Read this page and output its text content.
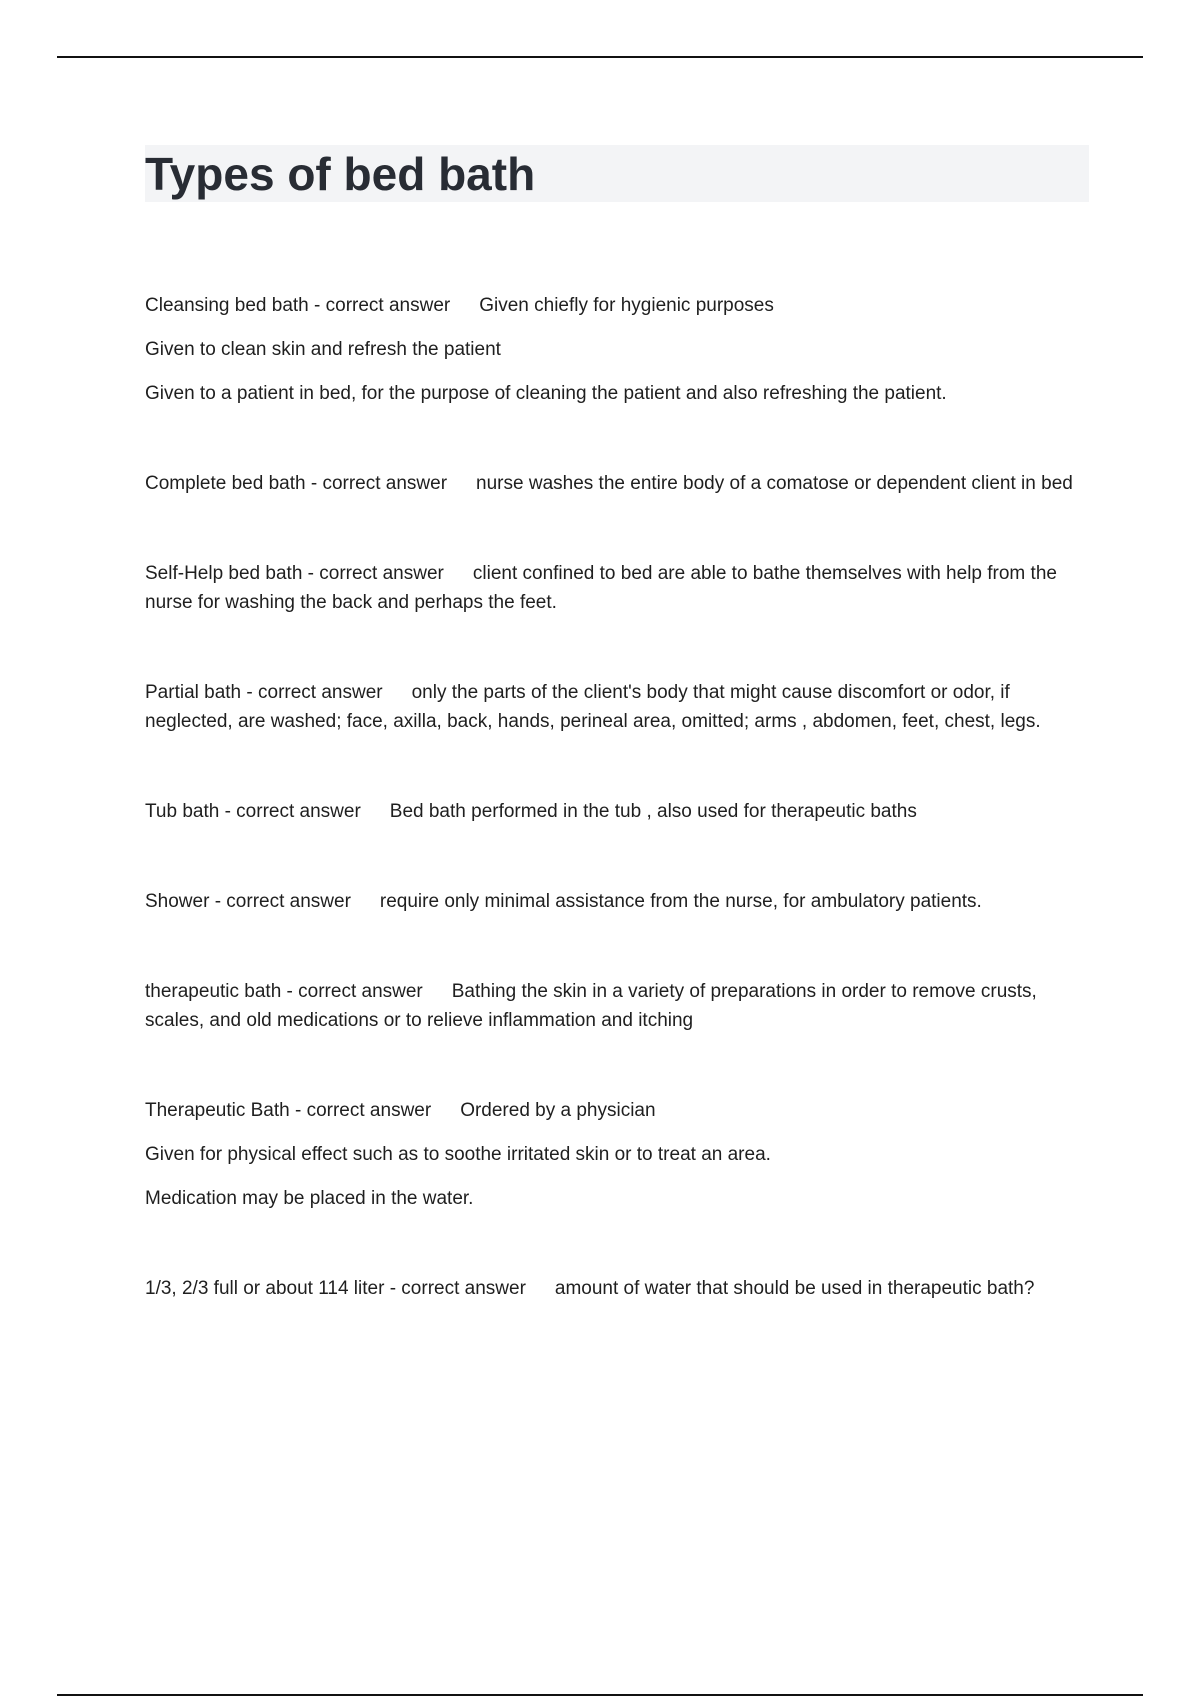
Types of bed bath

Cleansing bed bath - correct answer Given chiefly for hygienic purposes

Given to clean skin and refresh the patient

Given to a patient in bed, for the purpose of cleaning the patient and also refreshing the patient.

Complete bed bath - correct answer nurse washes the entire body of a comatose or dependent client in bed

Self-Help bed bath - correct answer client confined to bed are able to bathe themselves with help from the nurse for washing the back and perhaps the feet.

Partial bath - correct answer only the parts of the client's body that might cause discomfort or odor, if neglected, are washed; face, axilla, back, hands, perineal area, omitted; arms , abdomen, feet, chest, legs.

Tub bath - correct answer Bed bath performed in the tub , also used for therapeutic baths

Shower - correct answer require only minimal assistance from the nurse, for ambulatory patients.

therapeutic bath - correct answer Bathing the skin in a variety of preparations in order to remove crusts, scales, and old medications or to relieve inflammation and itching

Therapeutic Bath - correct answer Ordered by a physician

Given for physical effect such as to soothe irritated skin or to treat an area.

Medication may be placed in the water.

1/3, 2/3 full or about 114 liter - correct answer amount of water that should be used in therapeutic bath?
